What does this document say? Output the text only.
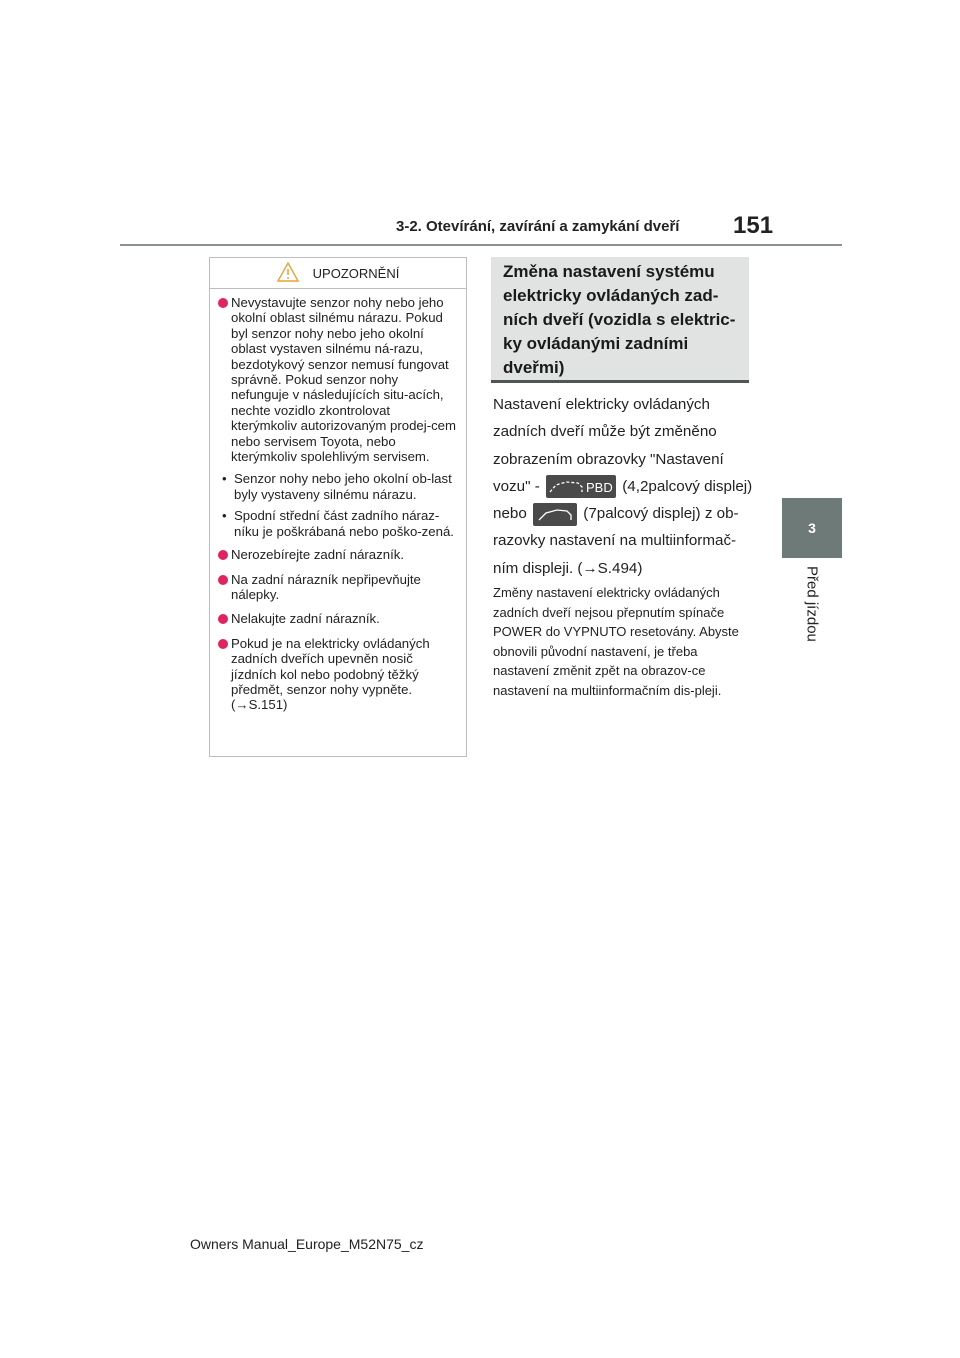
3-2. Otevírání, zavírání a zamykání dveří 151
3
Před jízdou
UPOZORNĚNÍ
Nevystavujte senzor nohy nebo jeho okolní oblast silnému nárazu. Pokud byl senzor nohy nebo jeho okolní oblast vystaven silnému ná-razu, bezdotykový senzor nemusí fungovat správně. Pokud senzor nohy nefunguje v následujících situ-acích, nechte vozidlo zkontrolovat kterýmkoliv autorizovaným prodej-cem nebo servisem Toyota, nebo kterýmkoliv spolehlivým servisem.
• Senzor nohy nebo jeho okolní ob-last byly vystaveny silnému nárazu.
• Spodní střední část zadního náraz-níku je poškrábaná nebo poško-zená.
Nerozebírejte zadní nárazník.
Na zadní nárazník nepřipevňujte nálepky.
Nelakujte zadní nárazník.
Pokud je na elektricky ovládaných zadních dveřích upevněn nosič jízdních kol nebo podobný těžký předmět, senzor nohy vypněte. (→S.151)
Změna nastavení systému elektricky ovládaných zad-ních dveří (vozidla s elektric-ky ovládanými zadními dveřmi)
Nastavení elektricky ovládaných zadních dveří může být změněno zobrazením obrazovky "Nastavení vozu" -	PBD (4,2palcový displej) nebo	(7palcový displej) z ob-razovky nastavení na multiinformač-ním displeji. (→S.494)
Změny nastavení elektricky ovládaných zadních dveří nejsou přepnutím spínače POWER do VYPNUTO resetovány. Abyste obnovili původní nastavení, je třeba nastavení změnit zpět na obrazov-ce nastavení na multiinformačním dis-pleji.
Owners Manual_Europe_M52N75_cz
